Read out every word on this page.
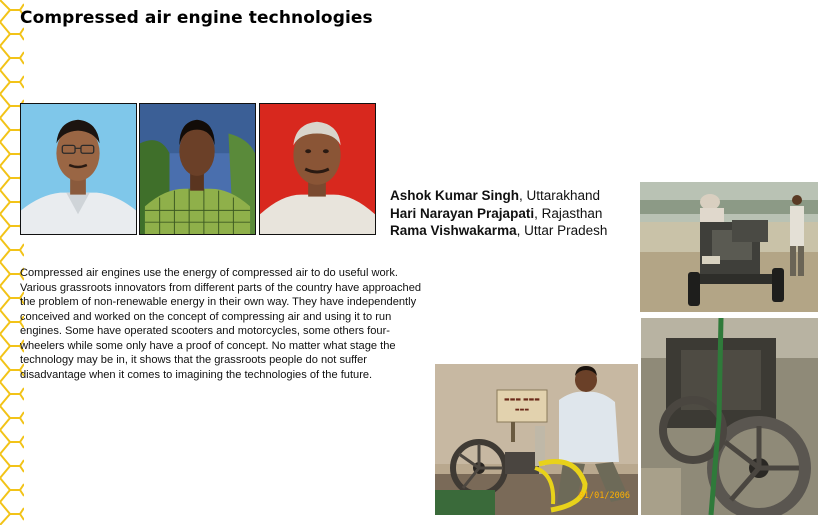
Compressed air engine technologies
Ashok Kumar Singh, Uttarakhand
Hari Narayan Prajapati, Rajasthan
Rama Vishwakarma, Uttar Pradesh

Compressed air engines use the energy of compressed air to do useful work. Various grassroots innovators from different parts of the country have approached the problem of non-renewable energy in their own way. They have independently conceived and worked on the concept of compressing air and using it to run engines. Some have operated scooters and motorcycles, some others four-wheelers while some only have a proof of concept. No matter what stage the technology may be in, it shows that the grassroots people do not suffer disadvantage when it comes to imagining the technologies of the future.

▬▬▬ ▬▬▬
▬▬▬
01/01/2006
